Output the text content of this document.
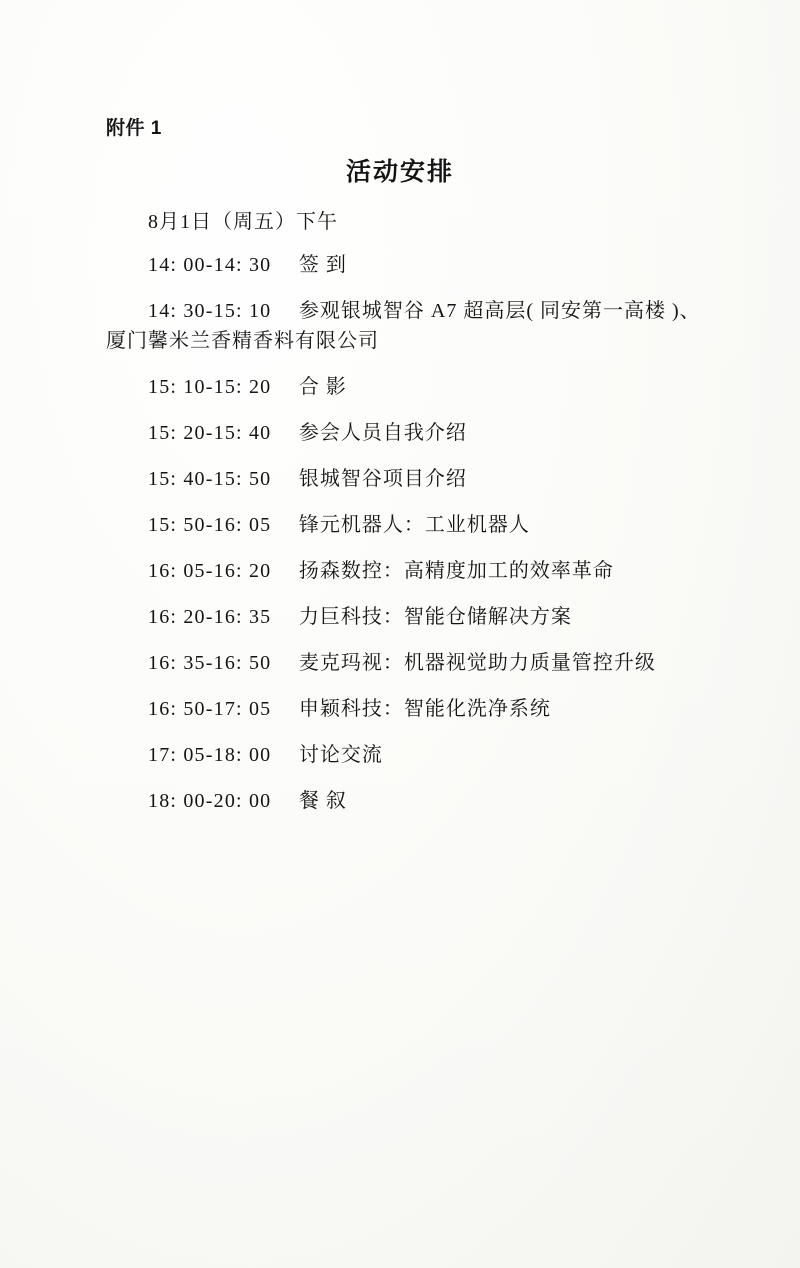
附件 1
活动安排
8月1日（周五）下午
14: 00-14: 30 签 到
14: 30-15: 10 参观银城智谷 A7 超高层( 同安第一高楼 )、
厦门馨米兰香精香料有限公司
15: 10-15: 20 合 影
15: 20-15: 40 参会人员自我介绍
15: 40-15: 50 银城智谷项目介绍
15: 50-16: 05 锋元机器人：工业机器人
16: 05-16: 20 扬森数控：高精度加工的效率革命
16: 20-16: 35 力巨科技：智能仓储解决方案
16: 35-16: 50 麦克玛视：机器视觉助力质量管控升级
16: 50-17: 05 申颖科技：智能化洗净系统
17: 05-18: 00 讨论交流
18: 00-20: 00 餐 叙
